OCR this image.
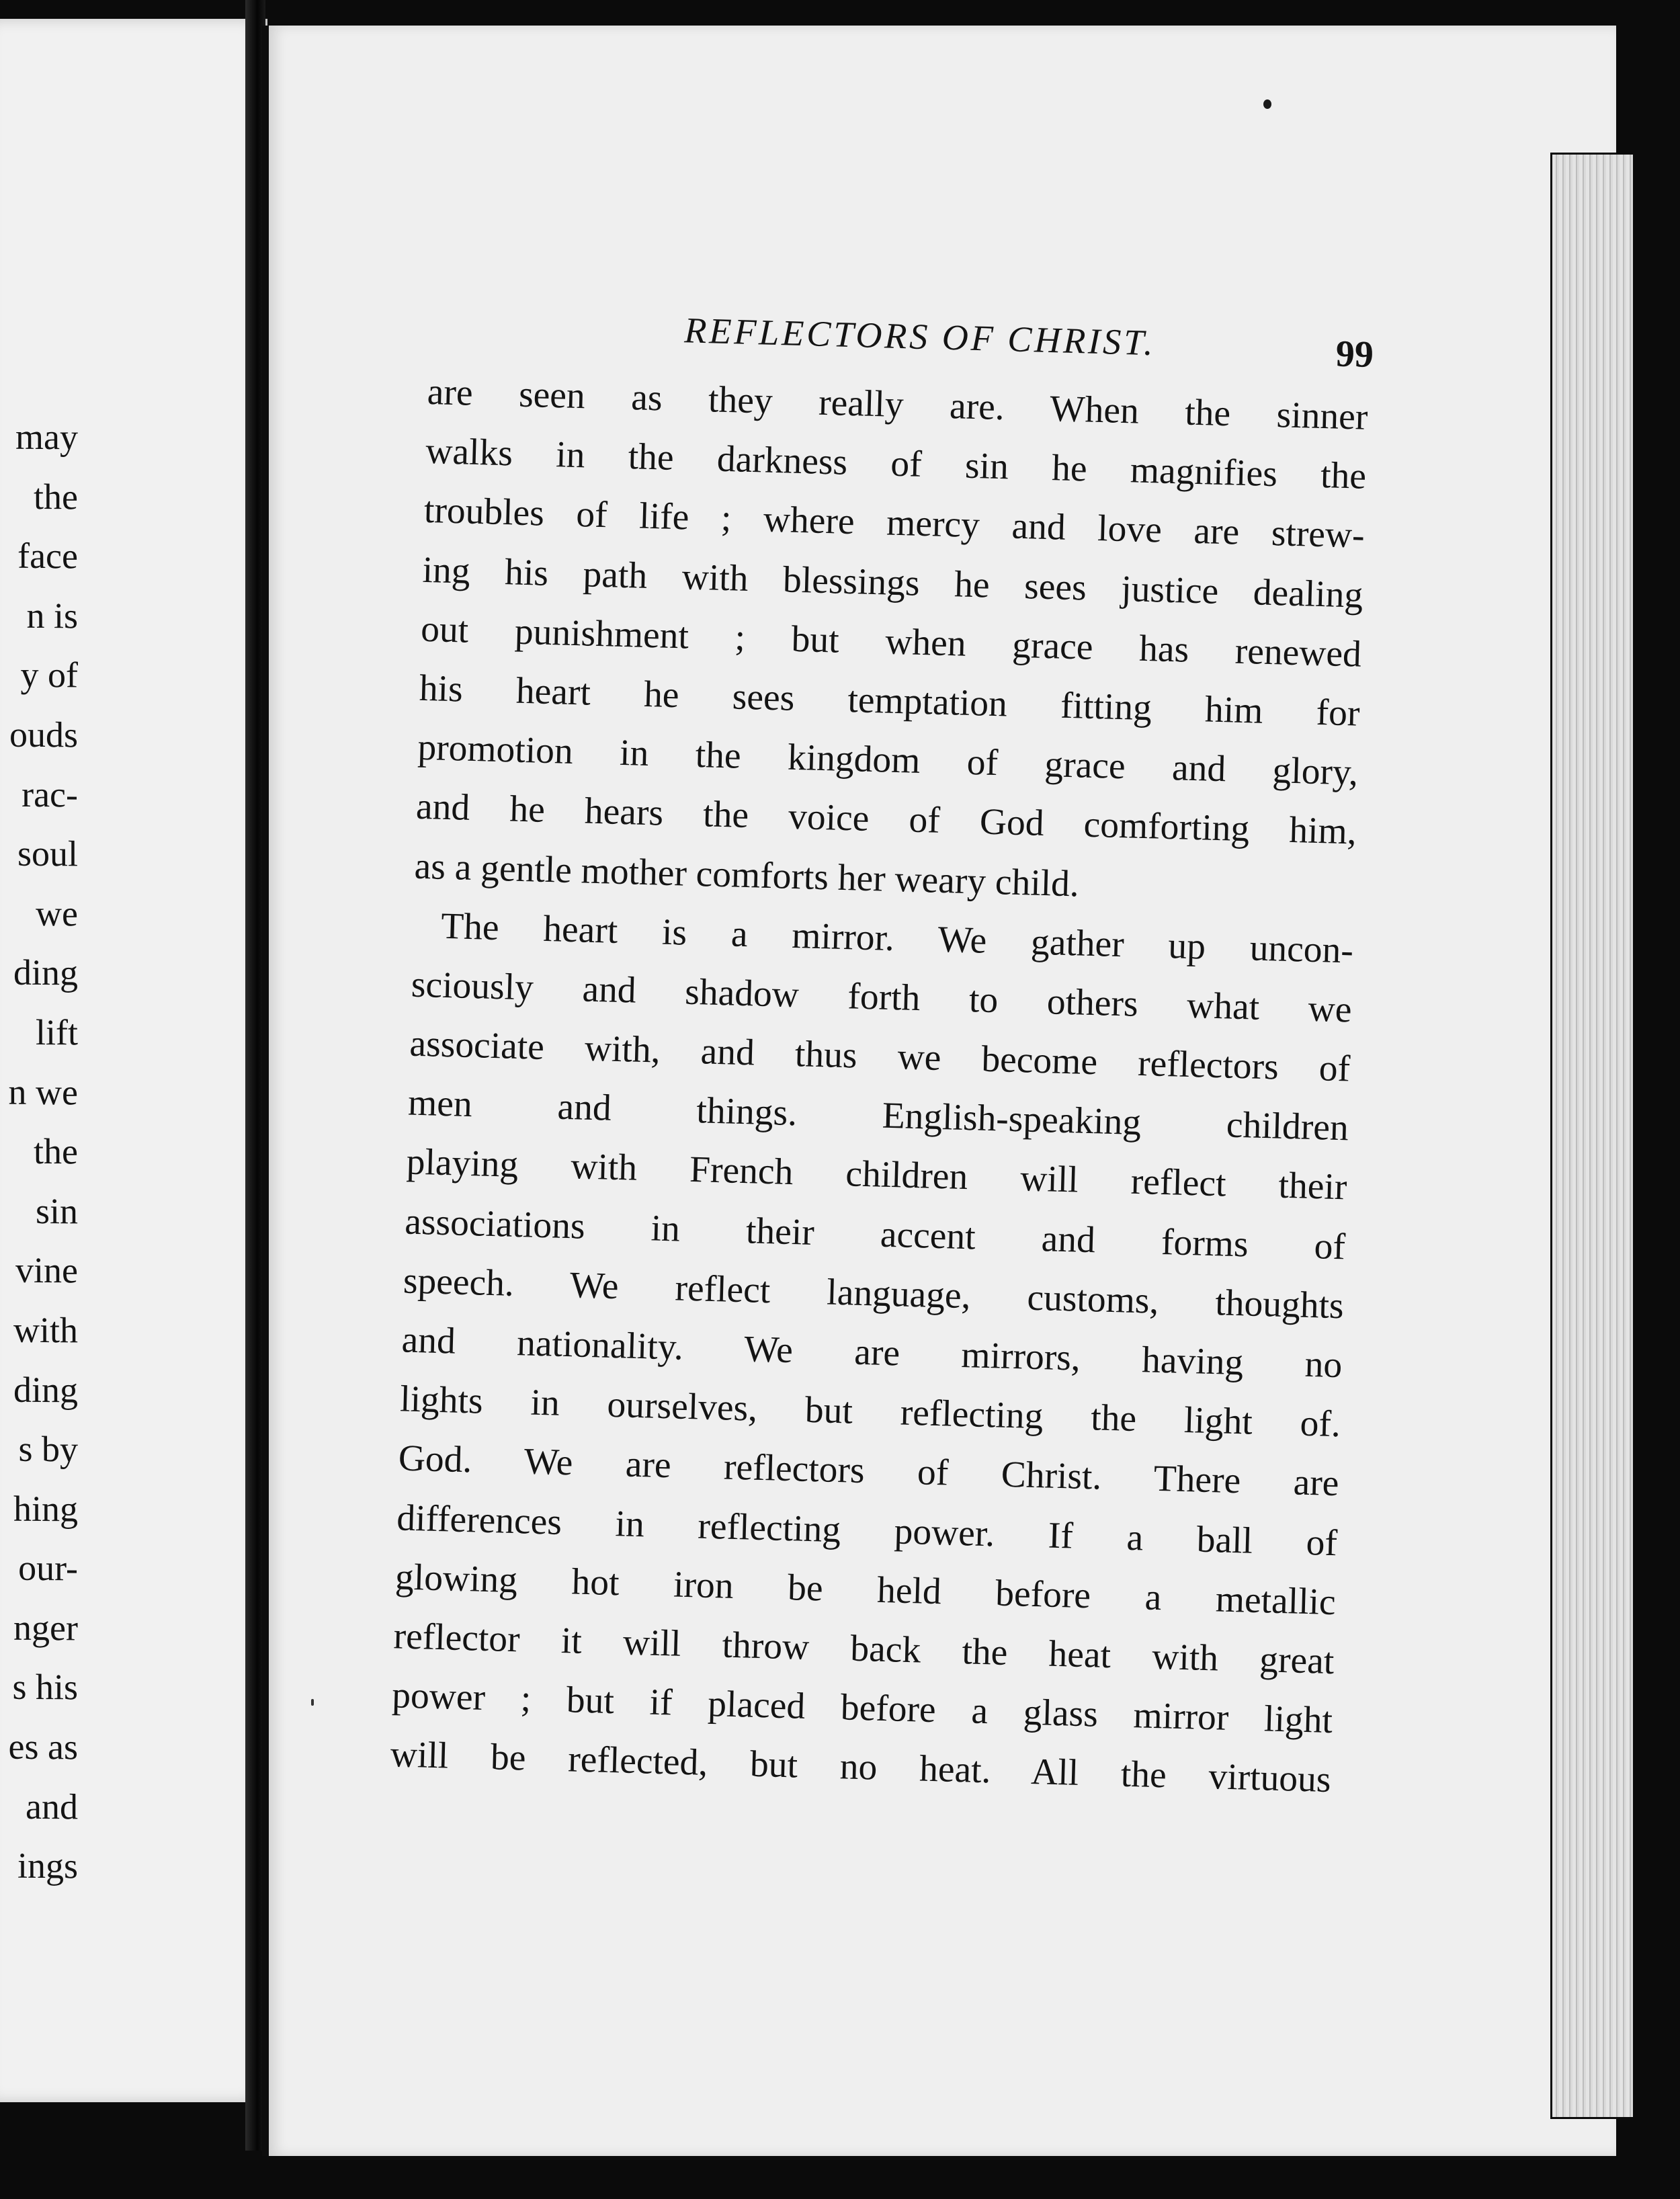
may
the
face
n is
y of
ouds
rac-
soul
we
ding
lift
n we
the
sin
vine
with
ding
s by
hing
our-
nger
s his
es as
and
ings
REFLECTORS OF CHRIST.	99
are seen as they really are. When the sinner
walks in the darkness of sin he magnifies the
troubles of life ; where mercy and love are strew-
ing his path with blessings he sees justice dealing
out punishment ; but when grace has renewed
his heart he sees temptation fitting him for
promotion in the kingdom of grace and glory,
and he hears the voice of God comforting him,
as a gentle mother comforts her weary child.
The heart is a mirror. We gather up uncon-
sciously and shadow forth to others what we
associate with, and thus we become reflectors of
men and things. English-speaking children
playing with French children will reflect their
associations in their accent and forms of
speech. We reflect language, customs, thoughts
and nationality. We are mirrors, having no
lights in ourselves, but reflecting the light of.
God. We are reflectors of Christ. There are
differences in reflecting power. If a ball of
glowing hot iron be held before a metallic
reflector it will throw back the heat with great
power ; but if placed before a glass mirror light
will be reflected, but no heat. All the virtuous
